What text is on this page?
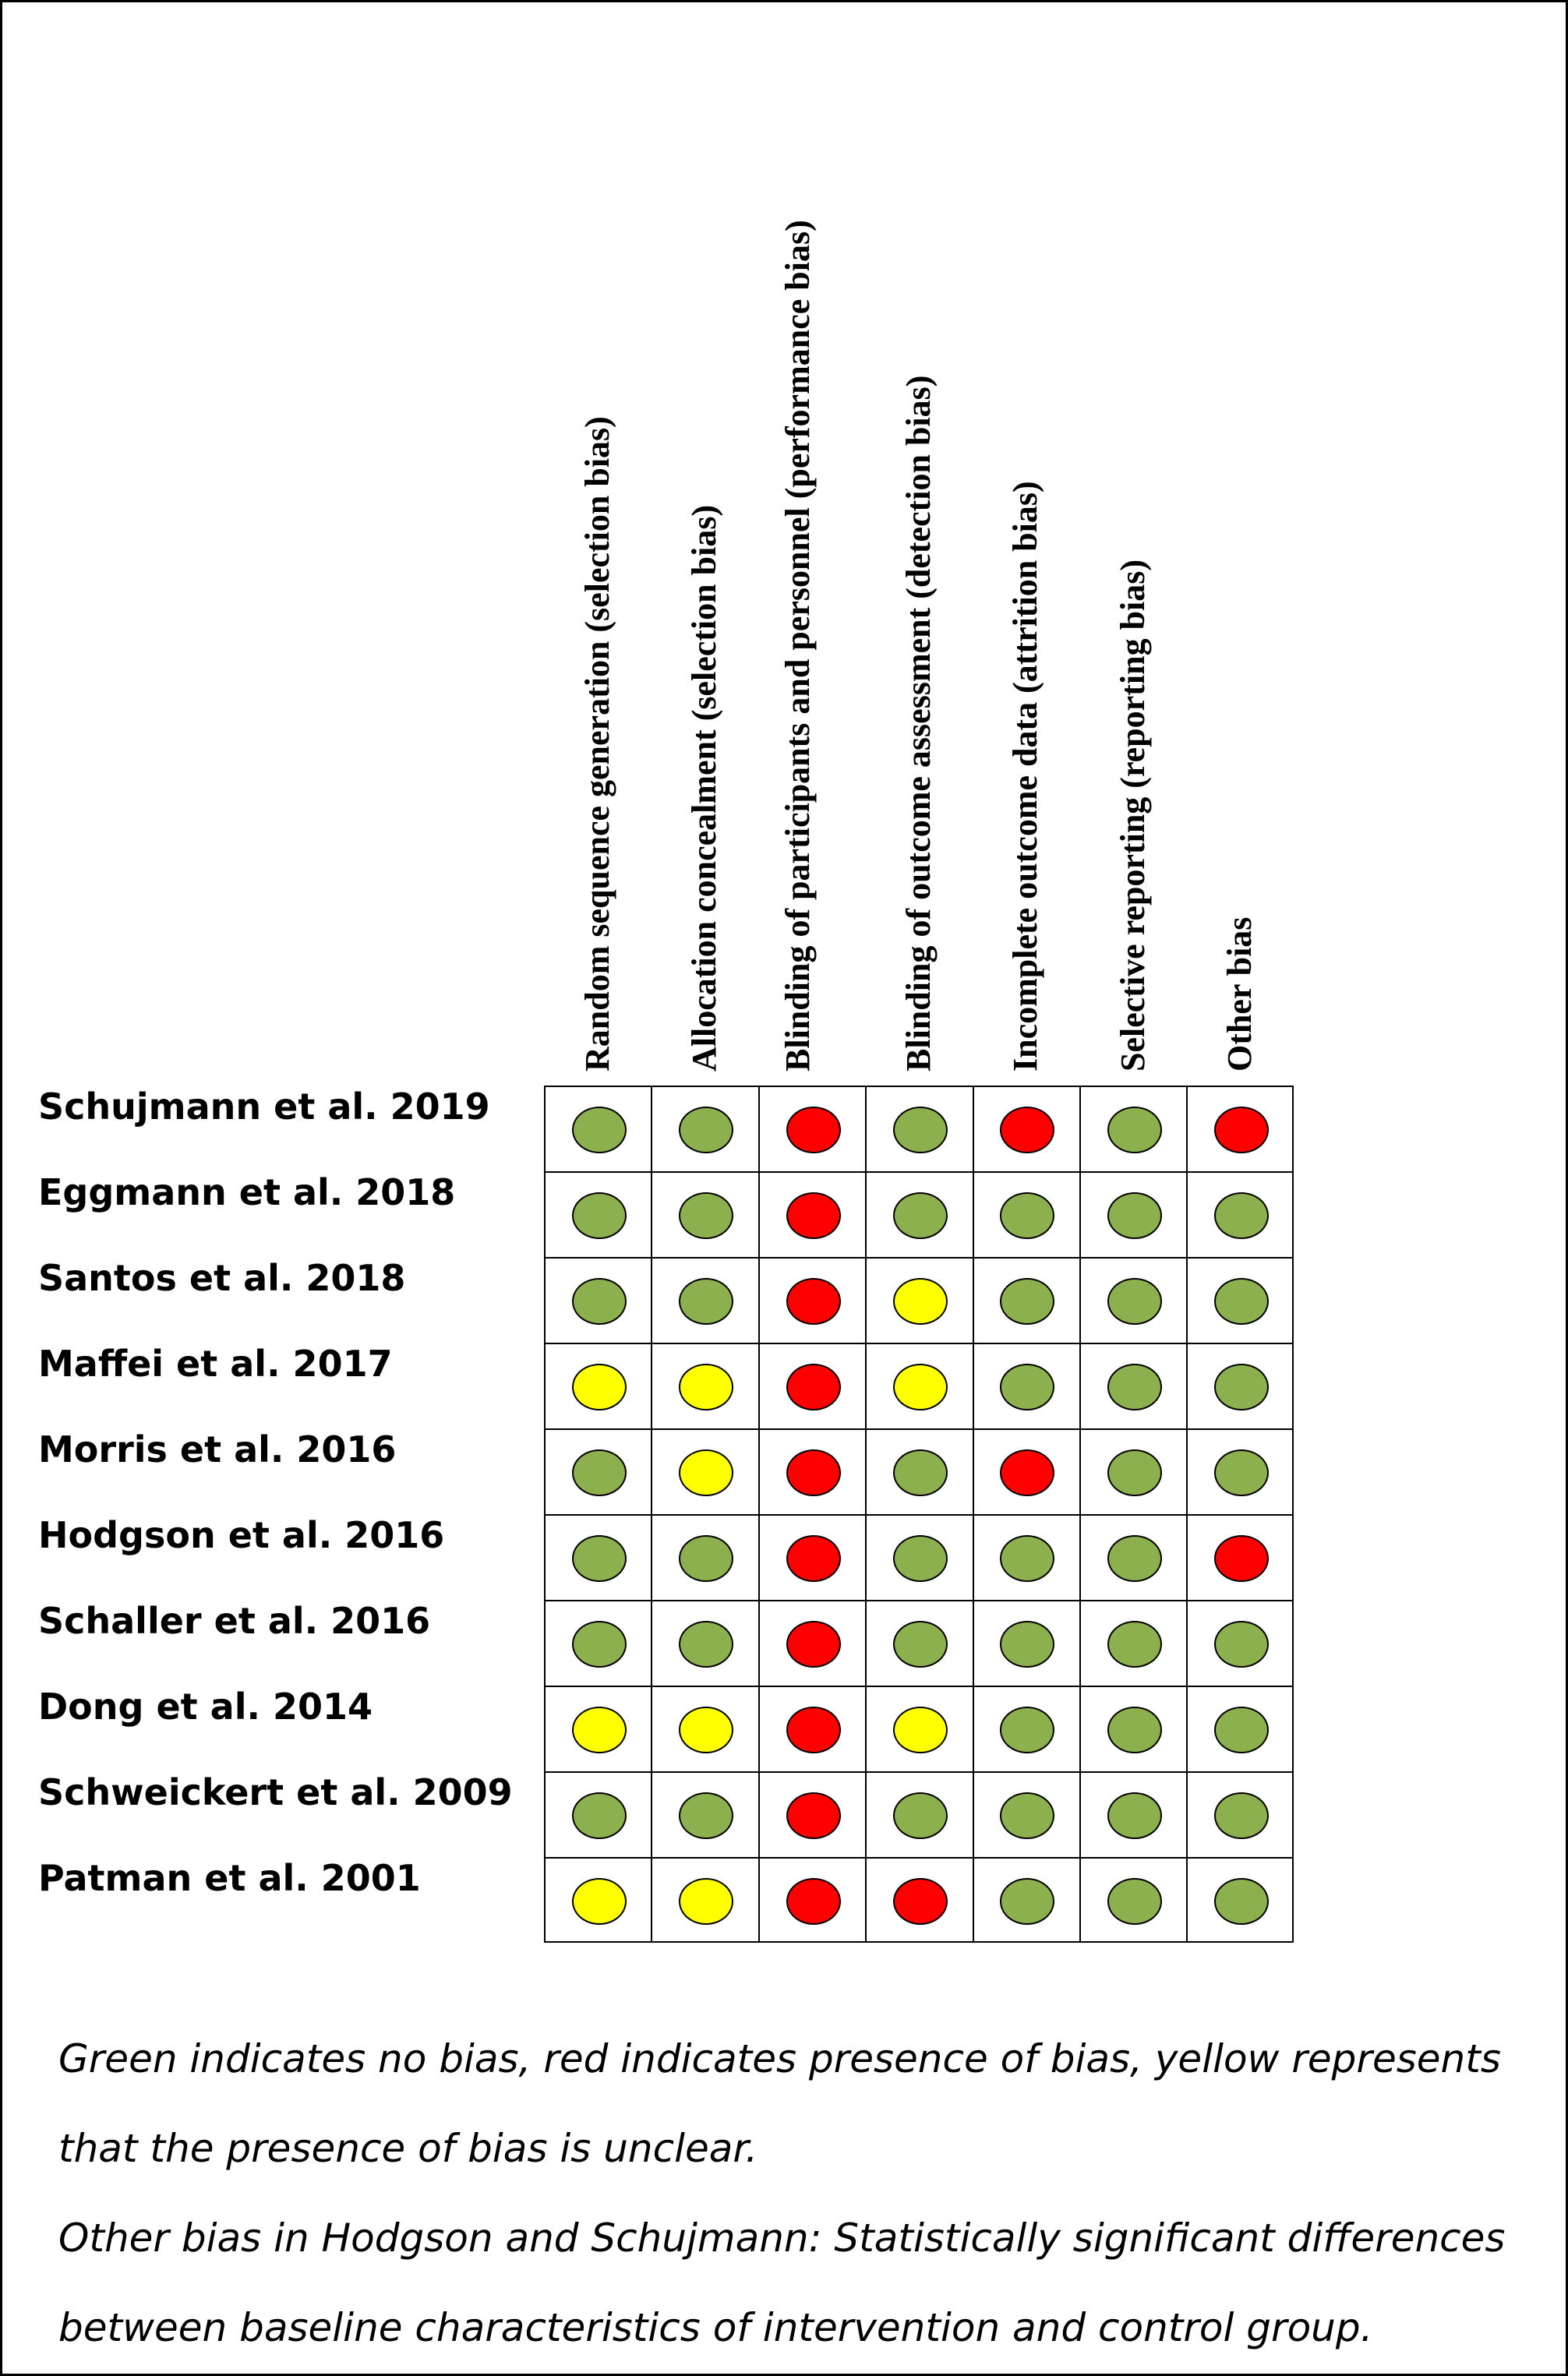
Random sequence generation (selection bias) Allocation concealment (selection bias) Blinding of participants and personnel (performance bias) Blinding of outcome assessment (detection bias) Incomplete outcome data (attrition bias) Selective reporting (reporting bias) Other bias
Schujmann et al. 2019
Eggmann et al. 2018
Santos et al. 2018
Maffei et al. 2017
Morris et al. 2016
Hodgson et al. 2016
Schaller et al. 2016
Dong et al. 2014
Schweickert et al. 2009
Patman et al. 2001
Green indicates no bias, red indicates presence of bias, yellow represents
that the presence of bias is unclear.
Other bias in Hodgson and Schujmann: Statistically significant differences
between baseline characteristics of intervention and control group.
